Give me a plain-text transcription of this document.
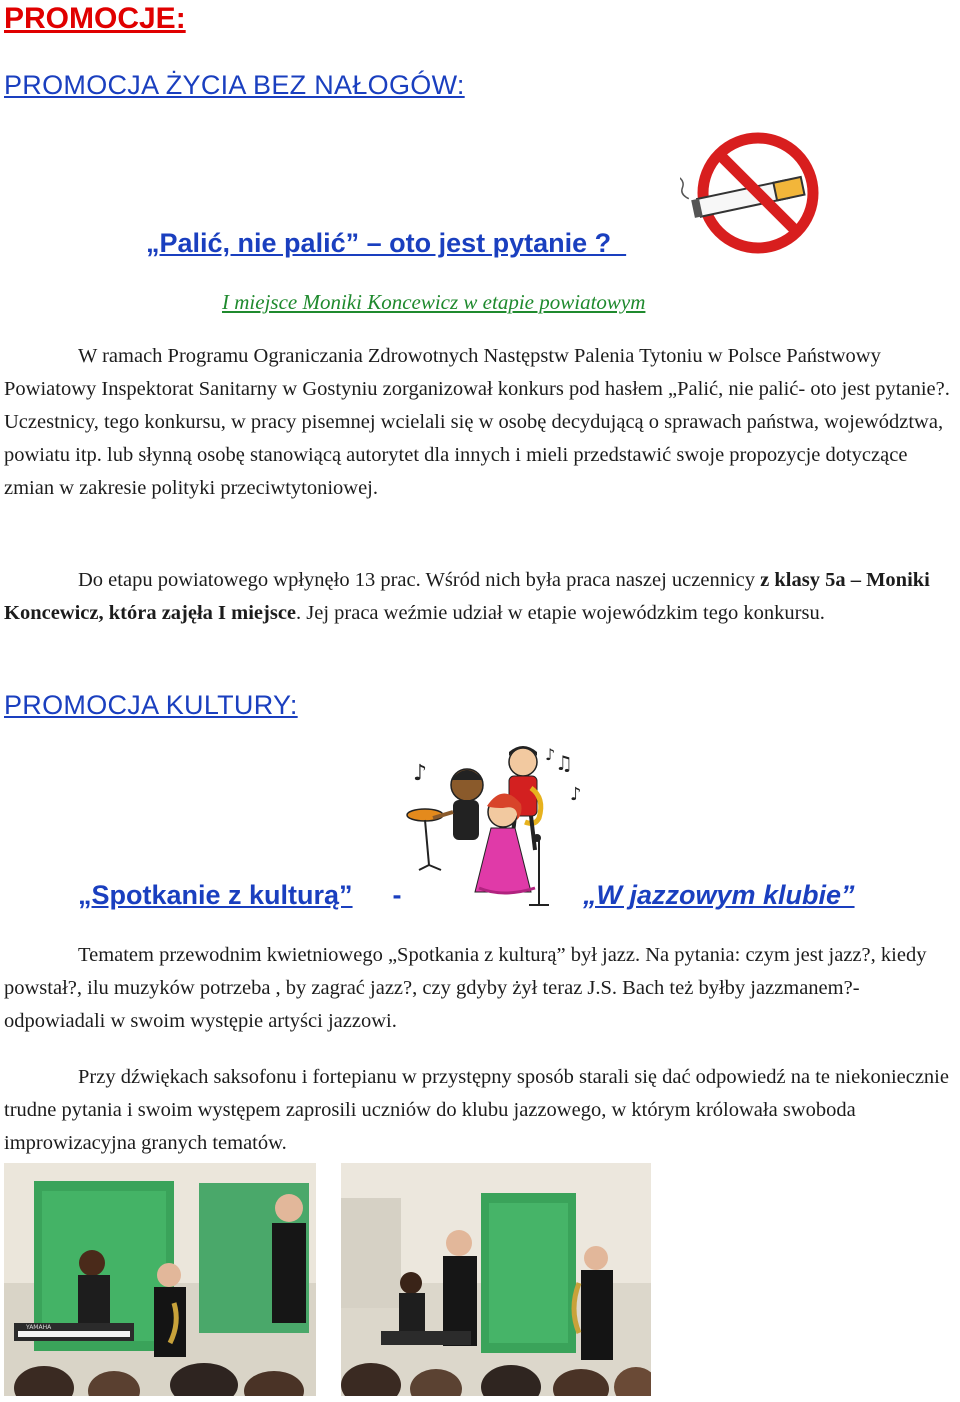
PROMOCJE:
PROMOCJA ŻYCIA BEZ NAŁOGÓW:
„Palić, nie palić” – oto jest pytanie ?
I miejsce Moniki Koncewicz w etapie powiatowym

W ramach Programu Ograniczania Zdrowotnych Następstw Palenia Tytoniu w Polsce Państwowy Powiatowy Inspektorat Sanitarny w Gostyniu zorganizował konkurs pod hasłem „Palić, nie palić- oto jest pytanie?. Uczestnicy, tego konkursu, w pracy pisemnej wcielali się w osobę decydującą o sprawach państwa, województwa, powiatu itp. lub słynną osobę stanowiącą autorytet dla innych i mieli przedstawić swoje propozycje dotyczące zmian w zakresie polityki przeciwtytoniowej.

Do etapu powiatowego wpłynęło 13 prac. Wśród nich była praca naszej uczennicy z klasy 5a – Moniki Koncewicz, która zajęła I miejsce. Jej praca weźmie udział w etapie wojewódzkim tego konkursu.

PROMOCJA KULTURY:
♪	♫
♪
♪
„Spotkanie z kulturą” -	„W jazzowym klubie”

Tematem przewodnim kwietniowego „Spotkania z kulturą” był jazz. Na pytania: czym jest jazz?, kiedy powstał?, ilu muzyków potrzeba , by zagrać jazz?, czy gdyby żył teraz J.S. Bach też byłby jazzmanem?- odpowiadali w swoim występie artyści jazzowi.

Przy dźwiękach saksofonu i fortepianu w przystępny sposób starali się dać odpowiedź na te niekoniecznie trudne pytania i swoim występem zaprosili uczniów do klubu jazzowego, w którym królowała swoboda improwizacyjna granych tematów.

YAMAHA
